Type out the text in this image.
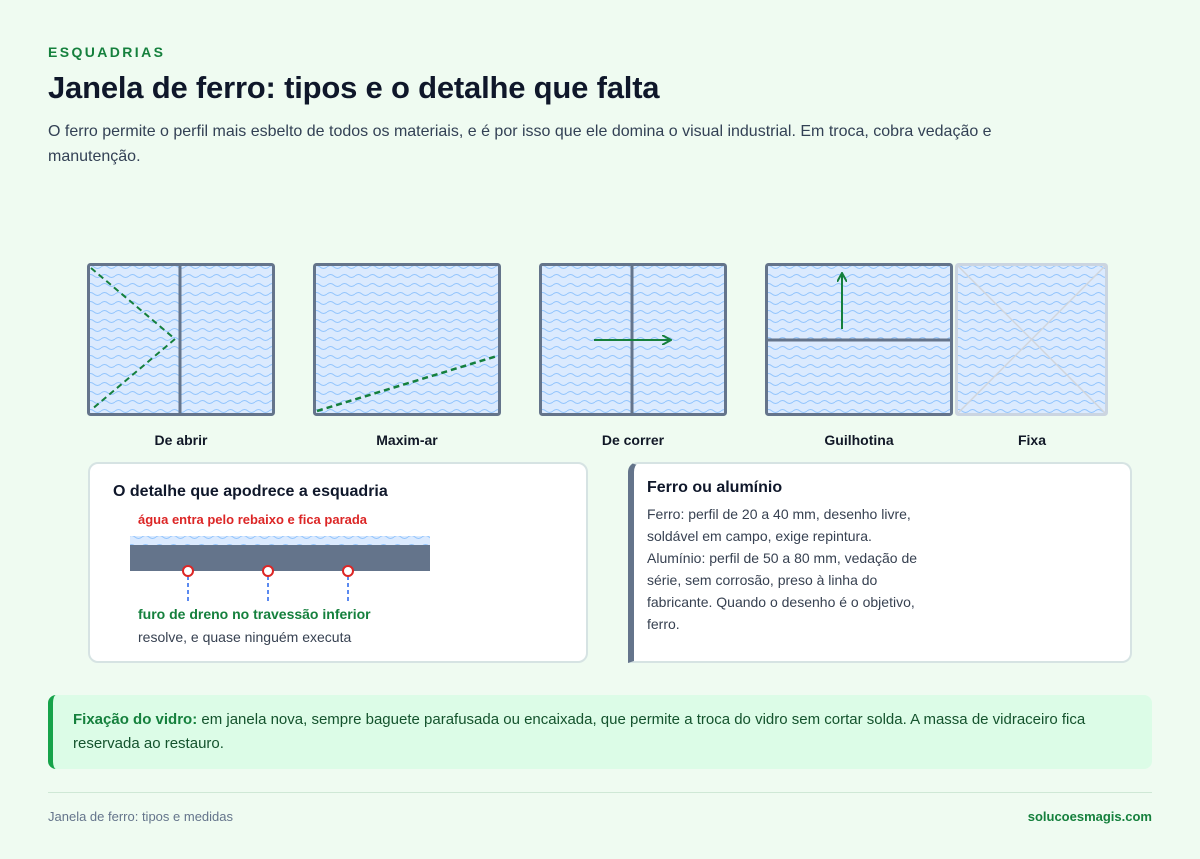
ESQUADRIAS
Janela de ferro: tipos e o detalhe que falta
O ferro permite o perfil mais esbelto de todos os materiais, e é por isso que ele domina o visual industrial. Em troca, cobra vedação e manutenção.
De abrir	Maxim-ar	De correr	Guilhotina	Fixa
O detalhe que apodrece a esquadria
água entra pelo rebaixo e fica parada
furo de dreno no travessão inferior
resolve, e quase ninguém executa
Ferro ou alumínio
Ferro: perfil de 20 a 40 mm, desenho livre,
soldável em campo, exige repintura.
Alumínio: perfil de 50 a 80 mm, vedação de
série, sem corrosão, preso à linha do
fabricante. Quando o desenho é o objetivo, ferro.
Fixação do vidro: em janela nova, sempre baguete parafusada ou encaixada, que permite a troca do vidro sem cortar solda. A massa de vidraceiro fica reservada ao restauro.
Janela de ferro: tipos e medidas	solucoesmagis.com
